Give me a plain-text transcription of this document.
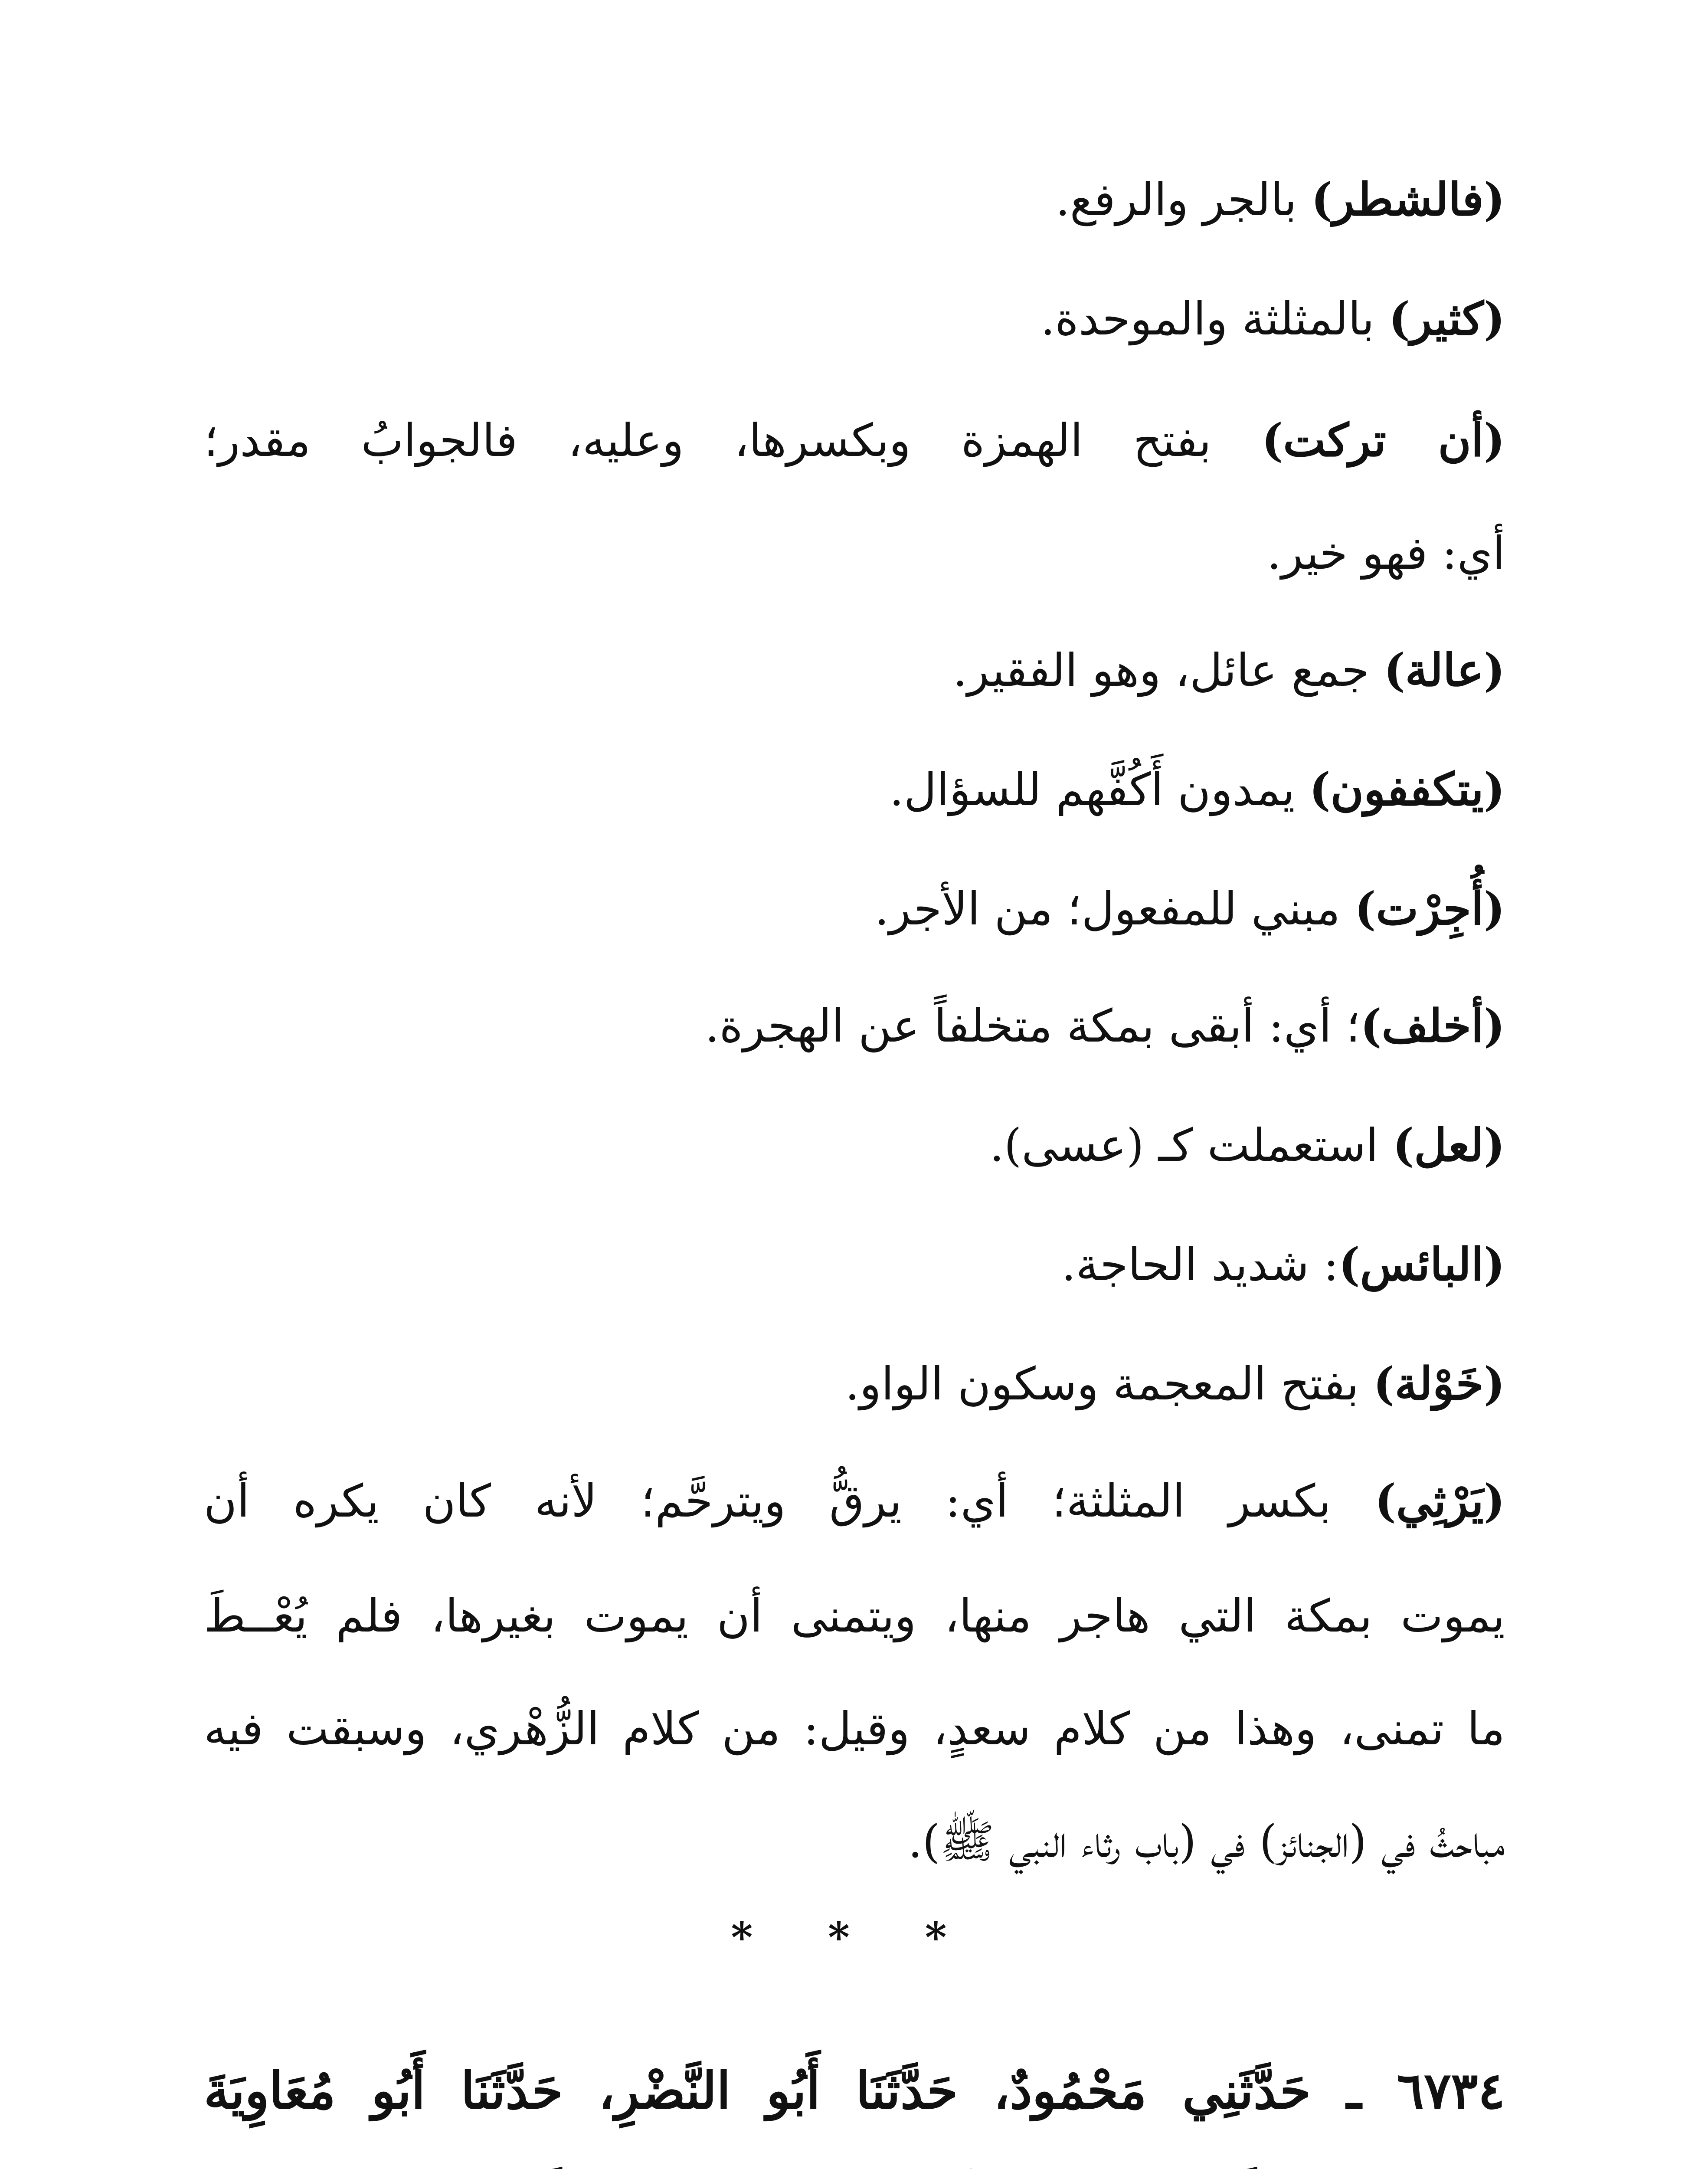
(فالشطر) بالجر والرفع.
(كثير) بالمثلثة والموحدة.
(أن تركت) بفتح الهمزة وبكسرها، وعليه، فالجوابُ مقدر؛
أي: فهو خير.
(عالة) جمع عائل، وهو الفقير.
(يتكففون) يمدون أَكُفَّهم للسؤال.
(أُجِرْت) مبني للمفعول؛ من الأجر.
(أخلف)؛ أي: أبقى بمكة متخلفاً عن الهجرة.
(لعل) استعملت كـ (عسى).
(البائس): شديد الحاجة.
(خَوْلة) بفتح المعجمة وسكون الواو.
(يَرْثِي) بكسر المثلثة؛ أي: يرقُّ ويترحَّم؛ لأنه كان يكره أن
يموت بمكة التي هاجر منها، ويتمنى أن يموت بغيرها، فلم يُعْــطَ
ما تمنى، وهذا من كلام سعدٍ، وقيل: من كلام الزُّهْري، وسبقت فيه
مباحثُ في (الجنائز) في (باب رثاء النبي ﷺ).
* * *
٦٧٣٤ ـ حَدَّثَنِي مَحْمُودٌ، حَدَّثَنَا أَبُو النَّضْرِ، حَدَّثَنَا أَبُو مُعَاوِيَةَ
